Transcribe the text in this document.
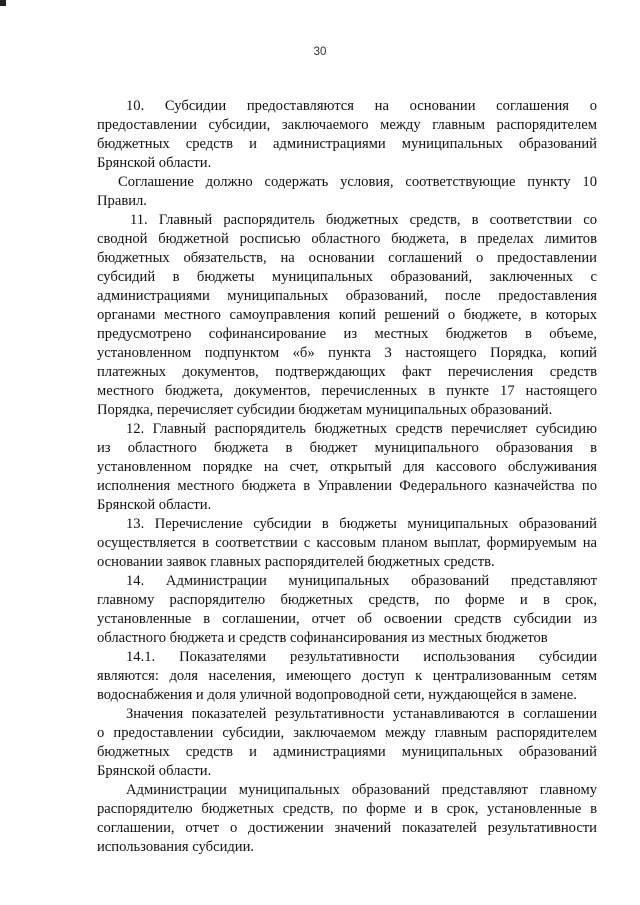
30

10. Субсидии предоставляются на основании соглашения о
предоставлении субсидии, заключаемого между главным распорядителем
бюджетных средств и администрациями муниципальных образований
Брянской области.

Соглашение должно содержать условия, соответствующие пункту 10
Правил.

11. Главный распорядитель бюджетных средств, в соответствии со
сводной бюджетной росписью областного бюджета, в пределах лимитов
бюджетных обязательств, на основании соглашений о предоставлении
субсидий в бюджеты муниципальных образований, заключенных с
администрациями муниципальных образований, после предоставления
органами местного самоуправления копий решений о бюджете, в которых
предусмотрено софинансирование из местных бюджетов в объеме,
установленном подпунктом «б» пункта 3 настоящего Порядка, копий
платежных документов, подтверждающих факт перечисления средств
местного бюджета, документов, перечисленных в пункте 17 настоящего
Порядка, перечисляет субсидии бюджетам муниципальных образований.

12. Главный распорядитель бюджетных средств перечисляет субсидию
из областного бюджета в бюджет муниципального образования в
установленном порядке на счет, открытый для кассового обслуживания
исполнения местного бюджета в Управлении Федерального казначейства по
Брянской области.

13. Перечисление субсидии в бюджеты муниципальных образований
осуществляется в соответствии с кассовым планом выплат, формируемым на
основании заявок главных распорядителей бюджетных средств.

14. Администрации муниципальных образований представляют
главному распорядителю бюджетных средств, по форме и в срок,
установленные в соглашении, отчет об освоении средств субсидии из
областного бюджета и средств софинансирования из местных бюджетов

14.1. Показателями результативности использования субсидии
являются: доля населения, имеющего доступ к централизованным сетям
водоснабжения и доля уличной водопроводной сети, нуждающейся в замене.

Значения показателей результативности устанавливаются в соглашении
о предоставлении субсидии, заключаемом между главным распорядителем
бюджетных средств и администрациями муниципальных образований
Брянской области.

Администрации муниципальных образований представляют главному
распорядителю бюджетных средств, по форме и в срок, установленные в
соглашении, отчет о достижении значений показателей результативности
использования субсидии.
